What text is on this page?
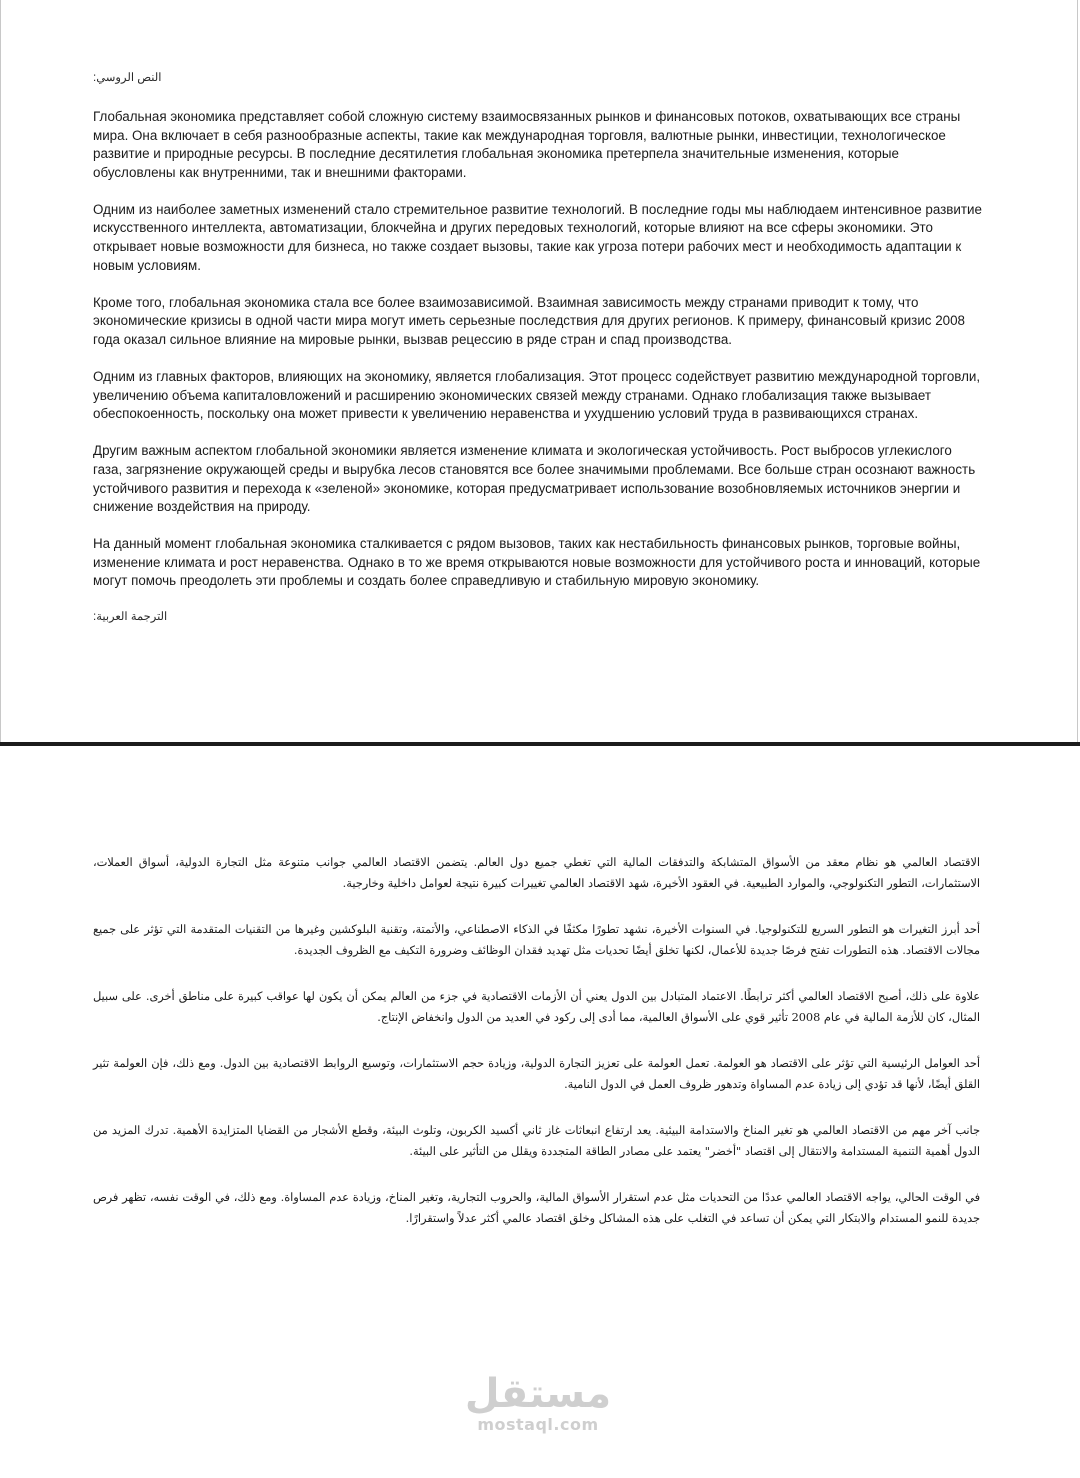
النص الروسي:

Глобальная экономика представляет собой сложную систему взаимосвязанных рынков и финансовых потоков, охватывающих все страны мира. Она включает в себя разнообразные аспекты, такие как международная торговля, валютные рынки, инвестиции, технологическое развитие и природные ресурсы. В последние десятилетия глобальная экономика претерпела значительные изменения, которые обусловлены как внутренними, так и внешними факторами.

Одним из наиболее заметных изменений стало стремительное развитие технологий. В последние годы мы наблюдаем интенсивное развитие искусственного интеллекта, автоматизации, блокчейна и других передовых технологий, которые влияют на все сферы экономики. Это открывает новые возможности для бизнеса, но также создает вызовы, такие как угроза потери рабочих мест и необходимость адаптации к новым условиям.

Кроме того, глобальная экономика стала все более взаимозависимой. Взаимная зависимость между странами приводит к тому, что экономические кризисы в одной части мира могут иметь серьезные последствия для других регионов. К примеру, финансовый кризис 2008 года оказал сильное влияние на мировые рынки, вызвав рецессию в ряде стран и спад производства.

Одним из главных факторов, влияющих на экономику, является глобализация. Этот процесс содействует развитию международной торговли, увеличению объема капиталовложений и расширению экономических связей между странами. Однако глобализация также вызывает обеспокоенность, поскольку она может привести к увеличению неравенства и ухудшению условий труда в развивающихся странах.

Другим важным аспектом глобальной экономики является изменение климата и экологическая устойчивость. Рост выбросов углекислого газа, загрязнение окружающей среды и вырубка лесов становятся все более значимыми проблемами. Все больше стран осознают важность устойчивого развития и перехода к «зеленой» экономике, которая предусматривает использование возобновляемых источников энергии и снижение воздействия на природу.

На данный момент глобальная экономика сталкивается с рядом вызовов, таких как нестабильность финансовых рынков, торговые войны, изменение климата и рост неравенства. Однако в то же время открываются новые возможности для устойчивого роста и инноваций, которые могут помочь преодолеть эти проблемы и создать более справедливую и стабильную мировую экономику.

الترجمة العربية:

الاقتصاد العالمي هو نظام معقد من الأسواق المتشابكة والتدفقات المالية التي تغطي جميع دول العالم. يتضمن الاقتصاد العالمي جوانب متنوعة مثل التجارة الدولية، أسواق العملات، الاستثمارات، التطور التكنولوجي، والموارد الطبيعية. في العقود الأخيرة، شهد الاقتصاد العالمي تغييرات كبيرة نتيجة لعوامل داخلية وخارجية.

أحد أبرز التغيرات هو التطور السريع للتكنولوجيا. في السنوات الأخيرة، نشهد تطورًا مكثفًا في الذكاء الاصطناعي، والأتمتة، وتقنية البلوكشين وغيرها من التقنيات المتقدمة التي تؤثر على جميع مجالات الاقتصاد. هذه التطورات تفتح فرصًا جديدة للأعمال، لكنها تخلق أيضًا تحديات مثل تهديد فقدان الوظائف وضرورة التكيف مع الظروف الجديدة.

علاوة على ذلك، أصبح الاقتصاد العالمي أكثر ترابطًا. الاعتماد المتبادل بين الدول يعني أن الأزمات الاقتصادية في جزء من العالم يمكن أن يكون لها عواقب كبيرة على مناطق أخرى. على سبيل المثال، كان للأزمة المالية في عام 2008 تأثير قوي على الأسواق العالمية، مما أدى إلى ركود في العديد من الدول وانخفاض الإنتاج.

أحد العوامل الرئيسية التي تؤثر على الاقتصاد هو العولمة. تعمل العولمة على تعزيز التجارة الدولية، وزيادة حجم الاستثمارات، وتوسيع الروابط الاقتصادية بين الدول. ومع ذلك، فإن العولمة تثير القلق أيضًا، لأنها قد تؤدي إلى زيادة عدم المساواة وتدهور ظروف العمل في الدول النامية.

جانب آخر مهم من الاقتصاد العالمي هو تغير المناخ والاستدامة البيئية. يعد ارتفاع انبعاثات غاز ثاني أكسيد الكربون، وتلوث البيئة، وقطع الأشجار من القضايا المتزايدة الأهمية. تدرك المزيد من الدول أهمية التنمية المستدامة والانتقال إلى اقتصاد "أخضر" يعتمد على مصادر الطاقة المتجددة ويقلل من التأثير على البيئة.

في الوقت الحالي، يواجه الاقتصاد العالمي عددًا من التحديات مثل عدم استقرار الأسواق المالية، والحروب التجارية، وتغير المناخ، وزيادة عدم المساواة. ومع ذلك، في الوقت نفسه، تظهر فرص جديدة للنمو المستدام والابتكار التي يمكن أن تساعد في التغلب على هذه المشاكل وخلق اقتصاد عالمي أكثر عدلاً واستقرارًا.

مستقل
mostaql.com
